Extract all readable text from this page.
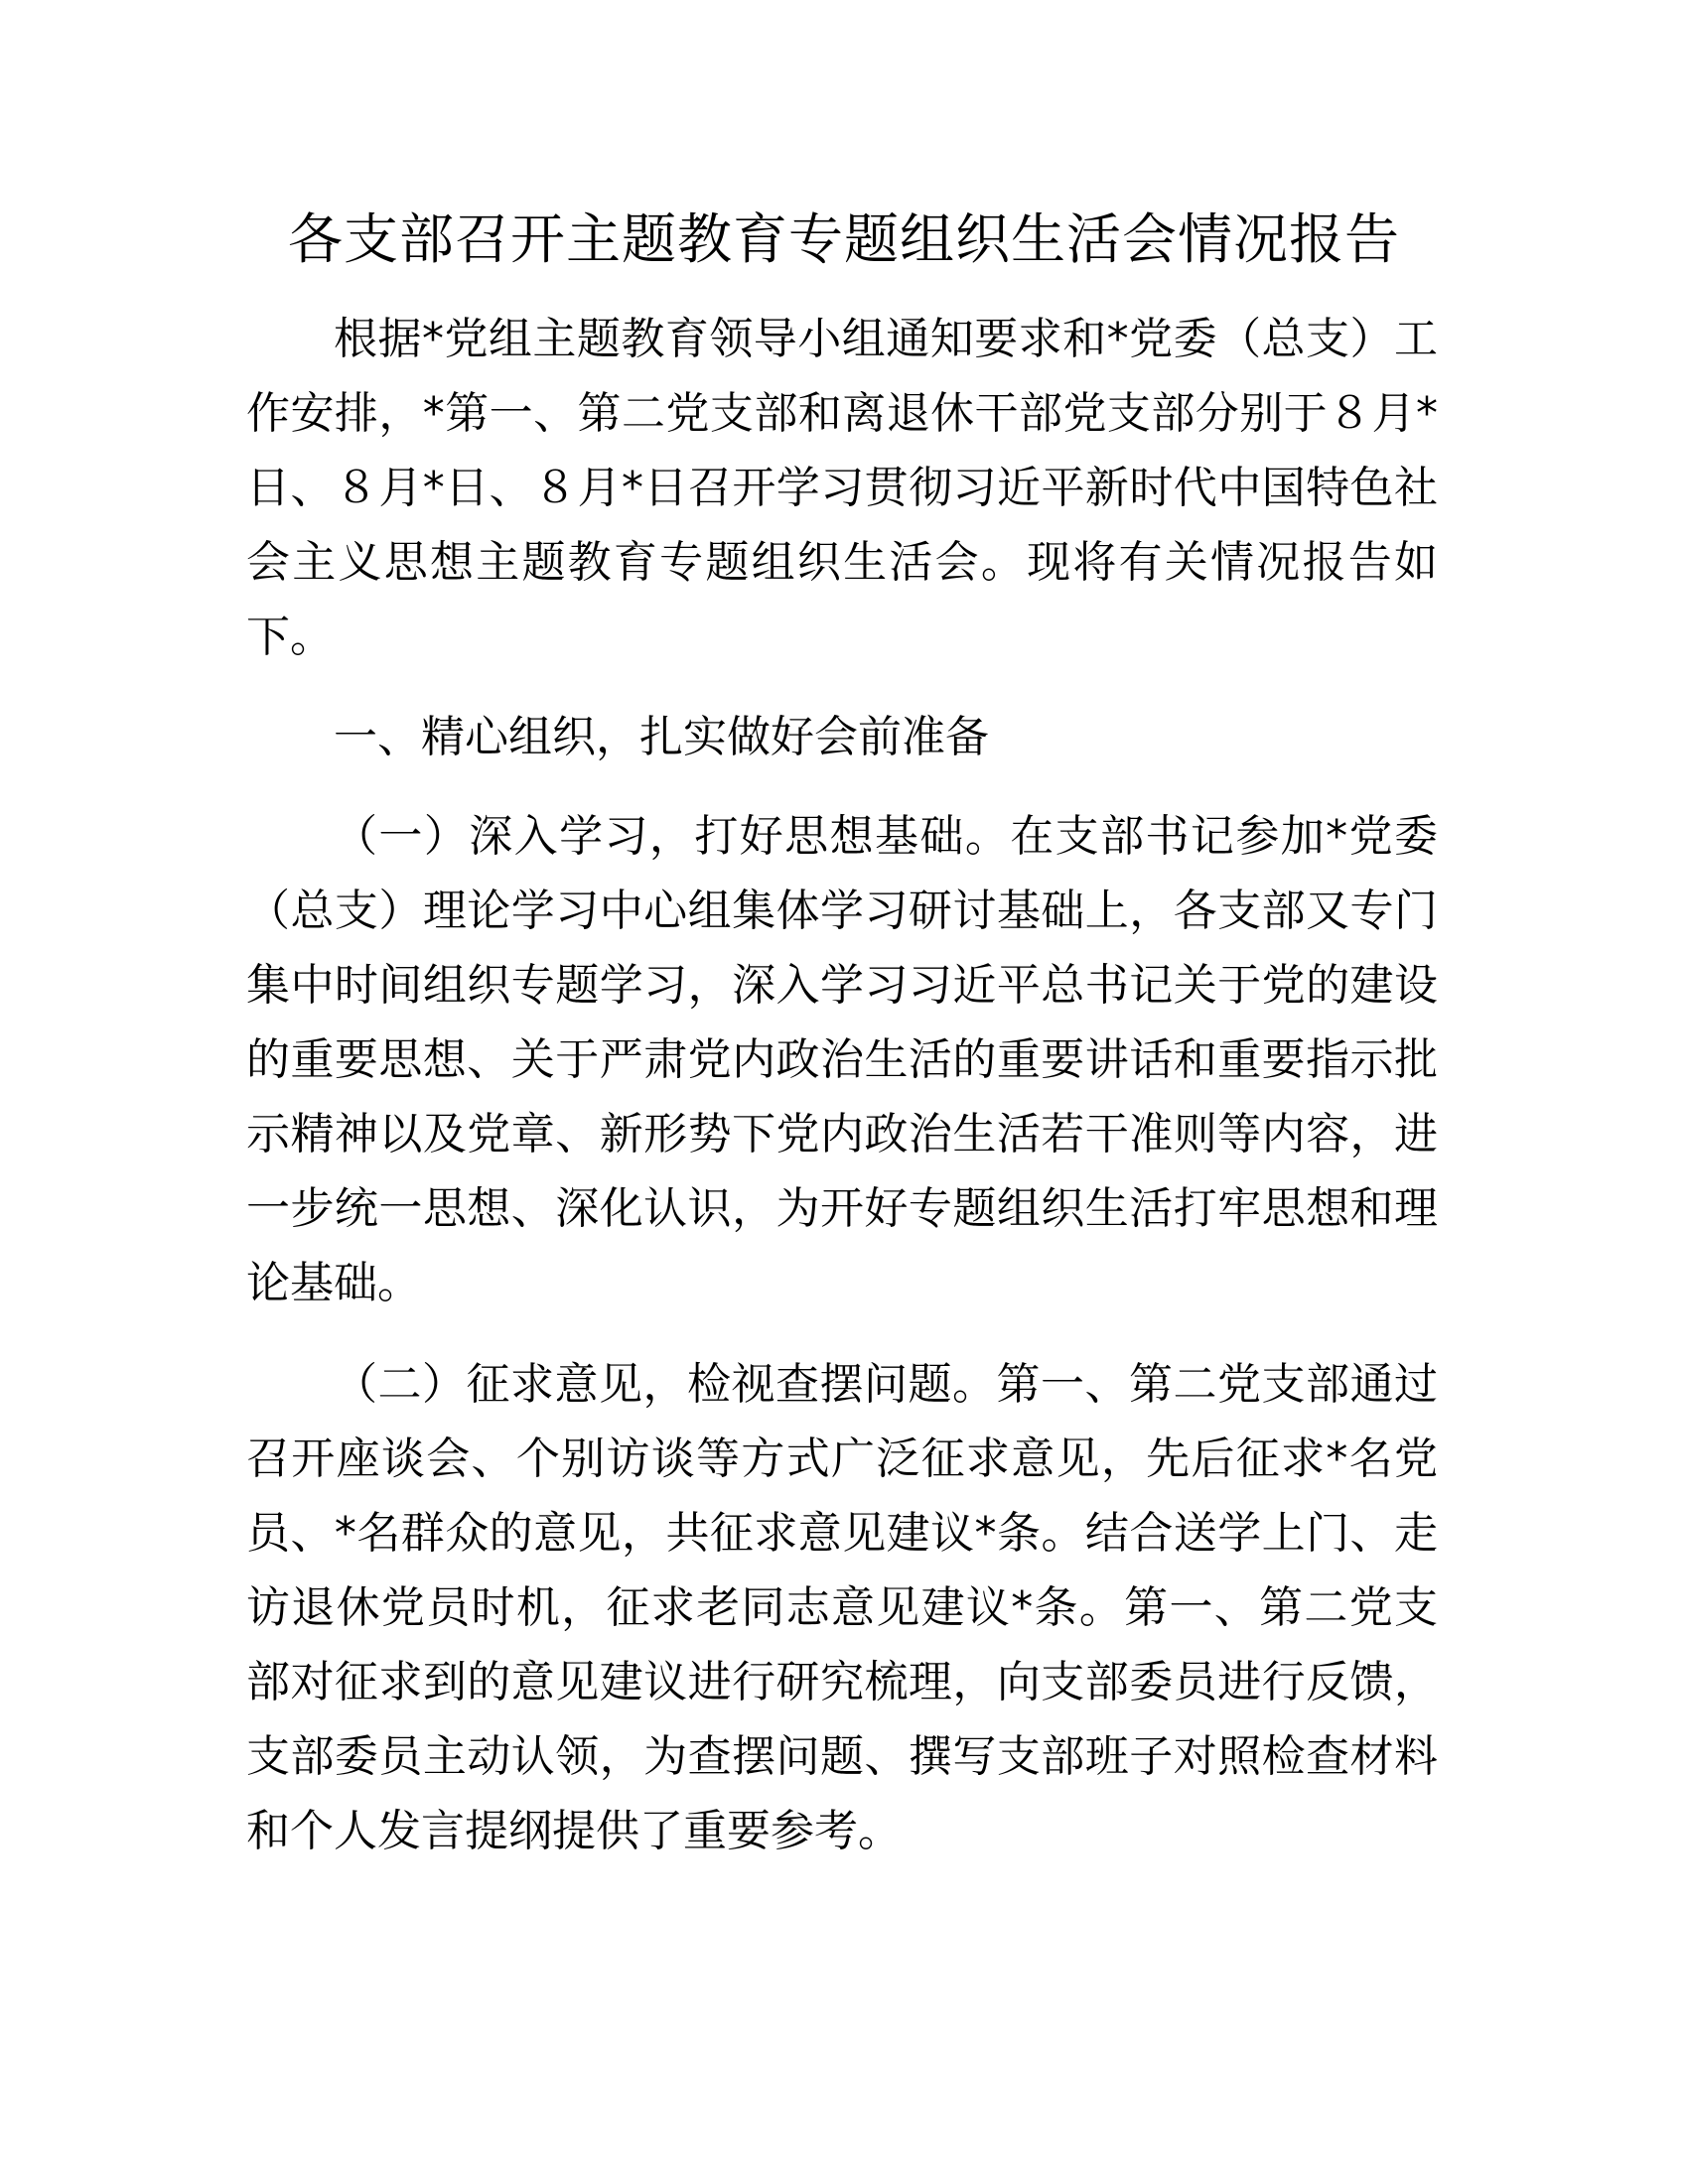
各支部召开主题教育专题组织生活会情况报告

根据*党组主题教育领导小组通知要求和*党委（总支）工作安排，*第一、第二党支部和离退休干部党支部分别于８月*日、８月*日、８月*日召开学习贯彻习近平新时代中国特色社会主义思想主题教育专题组织生活会。现将有关情况报告如下。

一、精心组织，扎实做好会前准备

（一）深入学习，打好思想基础。在支部书记参加*党委（总支）理论学习中心组集体学习研讨基础上，各支部又专门集中时间组织专题学习，深入学习习近平总书记关于党的建设的重要思想、关于严肃党内政治生活的重要讲话和重要指示批示精神以及党章、新形势下党内政治生活若干准则等内容，进一步统一思想、深化认识，为开好专题组织生活打牢思想和理论基础。

（二）征求意见，检视查摆问题。第一、第二党支部通过召开座谈会、个别访谈等方式广泛征求意见，先后征求*名党员、*名群众的意见，共征求意见建议*条。结合送学上门、走访退休党员时机，征求老同志意见建议*条。第一、第二党支部对征求到的意见建议进行研究梳理，向支部委员进行反馈，支部委员主动认领，为查摆问题、撰写支部班子对照检查材料和个人发言提纲提供了重要参考。
